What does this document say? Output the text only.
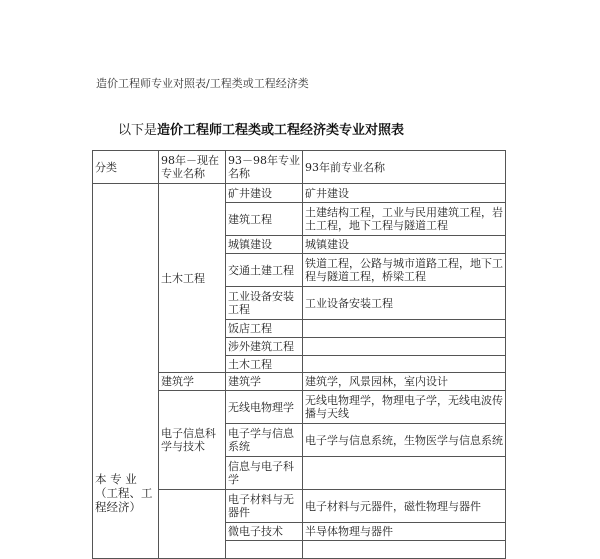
造价工程师专业对照表/工程类或工程经济类
以下是造价工程师工程类或工程经济类专业对照表
分类	98年－现在专业名称	93－98年专业名称	93年前专业名称

本 专 业（工程、工程经济）	土木工程	矿井建设	矿井建设
		建筑工程	土建结构工程，工业与民用建筑工程，岩土工程，地下工程与隧道工程
		城镇建设	城镇建设
		交通土建工程	铁道工程，公路与城市道路工程，地下工程与隧道工程，桥梁工程
		工业设备安装工程	工业设备安装工程
		饭店工程	
		涉外建筑工程	
		土木工程	
	建筑学	建筑学	建筑学，风景园林，室内设计
	电子信息科学与技术	无线电物理学	无线电物理学，物理电子学，无线电波传播与天线
		电子学与信息系统	电子学与信息系统，生物医学与信息系统
		信息与电子科学	
		电子材料与无器件	电子材料与元器件，磁性物理与器件
		微电子技术	半导体物理与器件
